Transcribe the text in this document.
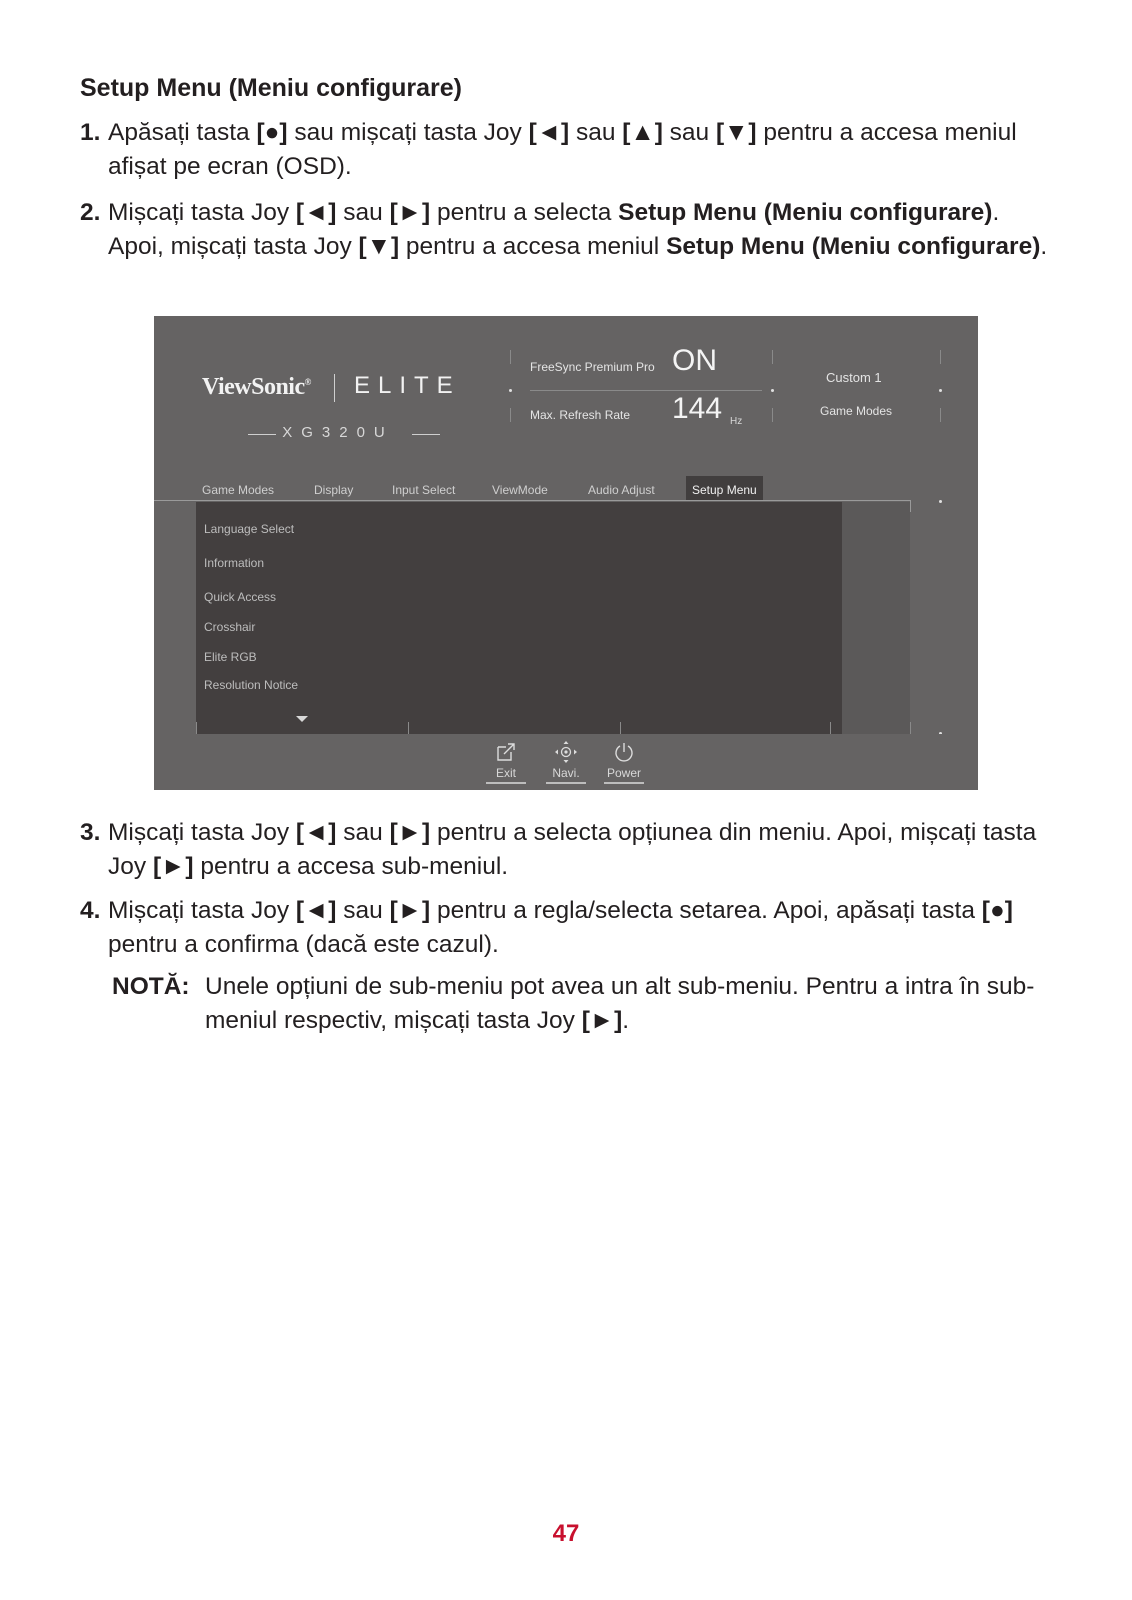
Setup Menu (Meniu configurare)
1. Apăsați tasta [●] sau mișcați tasta Joy [◄] sau [▲] sau [▼] pentru a accesa meniul afișat pe ecran (OSD).
2. Mișcați tasta Joy [◄] sau [►] pentru a selecta Setup Menu (Meniu configurare). Apoi, mișcați tasta Joy [▼] pentru a accesa meniul Setup Menu (Meniu configurare).
ViewSonic® ELITE
XG320U
FreeSync Premium Pro ON
Max. Refresh Rate 144 Hz
Custom 1
Game Modes
Game Modes	Display	Input Select	ViewMode	Audio Adjust	Setup Menu
Language Select
Information
Quick Access
Crosshair
Elite RGB
Resolution Notice
Exit	Navi.	Power
3. Mișcați tasta Joy [◄] sau [►] pentru a selecta opțiunea din meniu. Apoi, mișcați tasta Joy [►] pentru a accesa sub-meniul.
4. Mișcați tasta Joy [◄] sau [►] pentru a regla/selecta setarea. Apoi, apăsați tasta [●] pentru a confirma (dacă este cazul).
NOTĂ: Unele opțiuni de sub-meniu pot avea un alt sub-meniu. Pentru a intra în sub-meniul respectiv, mișcați tasta Joy [►].
47
